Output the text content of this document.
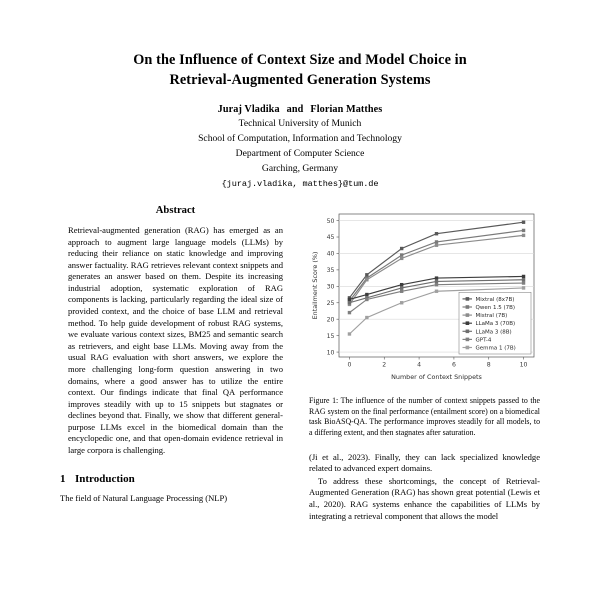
On the Influence of Context Size and Model Choice in
Retrieval-Augmented Generation Systems
Juraj Vladika and Florian Matthes
Technical University of Munich
School of Computation, Information and Technology
Department of Computer Science
Garching, Germany
{juraj.vladika, matthes}@tum.de
Abstract

Retrieval-augmented generation (RAG) has emerged as an approach to augment large language models (LLMs) by reducing their reliance on static knowledge and improving answer factuality. RAG retrieves relevant context snippets and generates an answer based on them. Despite its increasing industrial adoption, systematic exploration of RAG components is lacking, particularly regarding the ideal size of provided context, and the choice of base LLM and retrieval method. To help guide development of robust RAG systems, we evaluate various context sizes, BM25 and semantic search as retrievers, and eight base LLMs. Moving away from the usual RAG evaluation with short answers, we explore the more challenging long-form question answering in two domains, where a good answer has to utilize the entire context. Our findings indicate that final QA performance improves steadily with up to 15 snippets but stagnates or declines beyond that. Finally, we show that different general-purpose LLMs excel in the biomedical domain than the encyclopedic one, and that open-domain evidence retrieval in large corpora is challenging.

1 Introduction

The field of Natural Language Processing (NLP)

10
15
20
25
30
35
40
45
50
0	2	4	6	8	10
Number of Context Snippets
Entailment Score (%)	Mixtral (8x7B)
Qwen 1.5 (7B)
Mistral (7B)
LLaMa 3 (70B)
LLaMa 3 (8B)
GPT-4
Gemma 1 (7B)

Figure 1: The influence of the number of context snippets passed to the RAG system on the final performance (entailment score) on a biomedical task BioASQ-QA. The performance improves steadily for all models, to a differing extent, and then stagnates after saturation.

(Ji et al., 2023). Finally, they can lack specialized knowledge related to advanced expert domains.

To address these shortcomings, the concept of Retrieval-Augmented Generation (RAG) has shown great potential (Lewis et al., 2020). RAG systems enhance the capabilities of LLMs by integrating a retrieval component that allows the model
